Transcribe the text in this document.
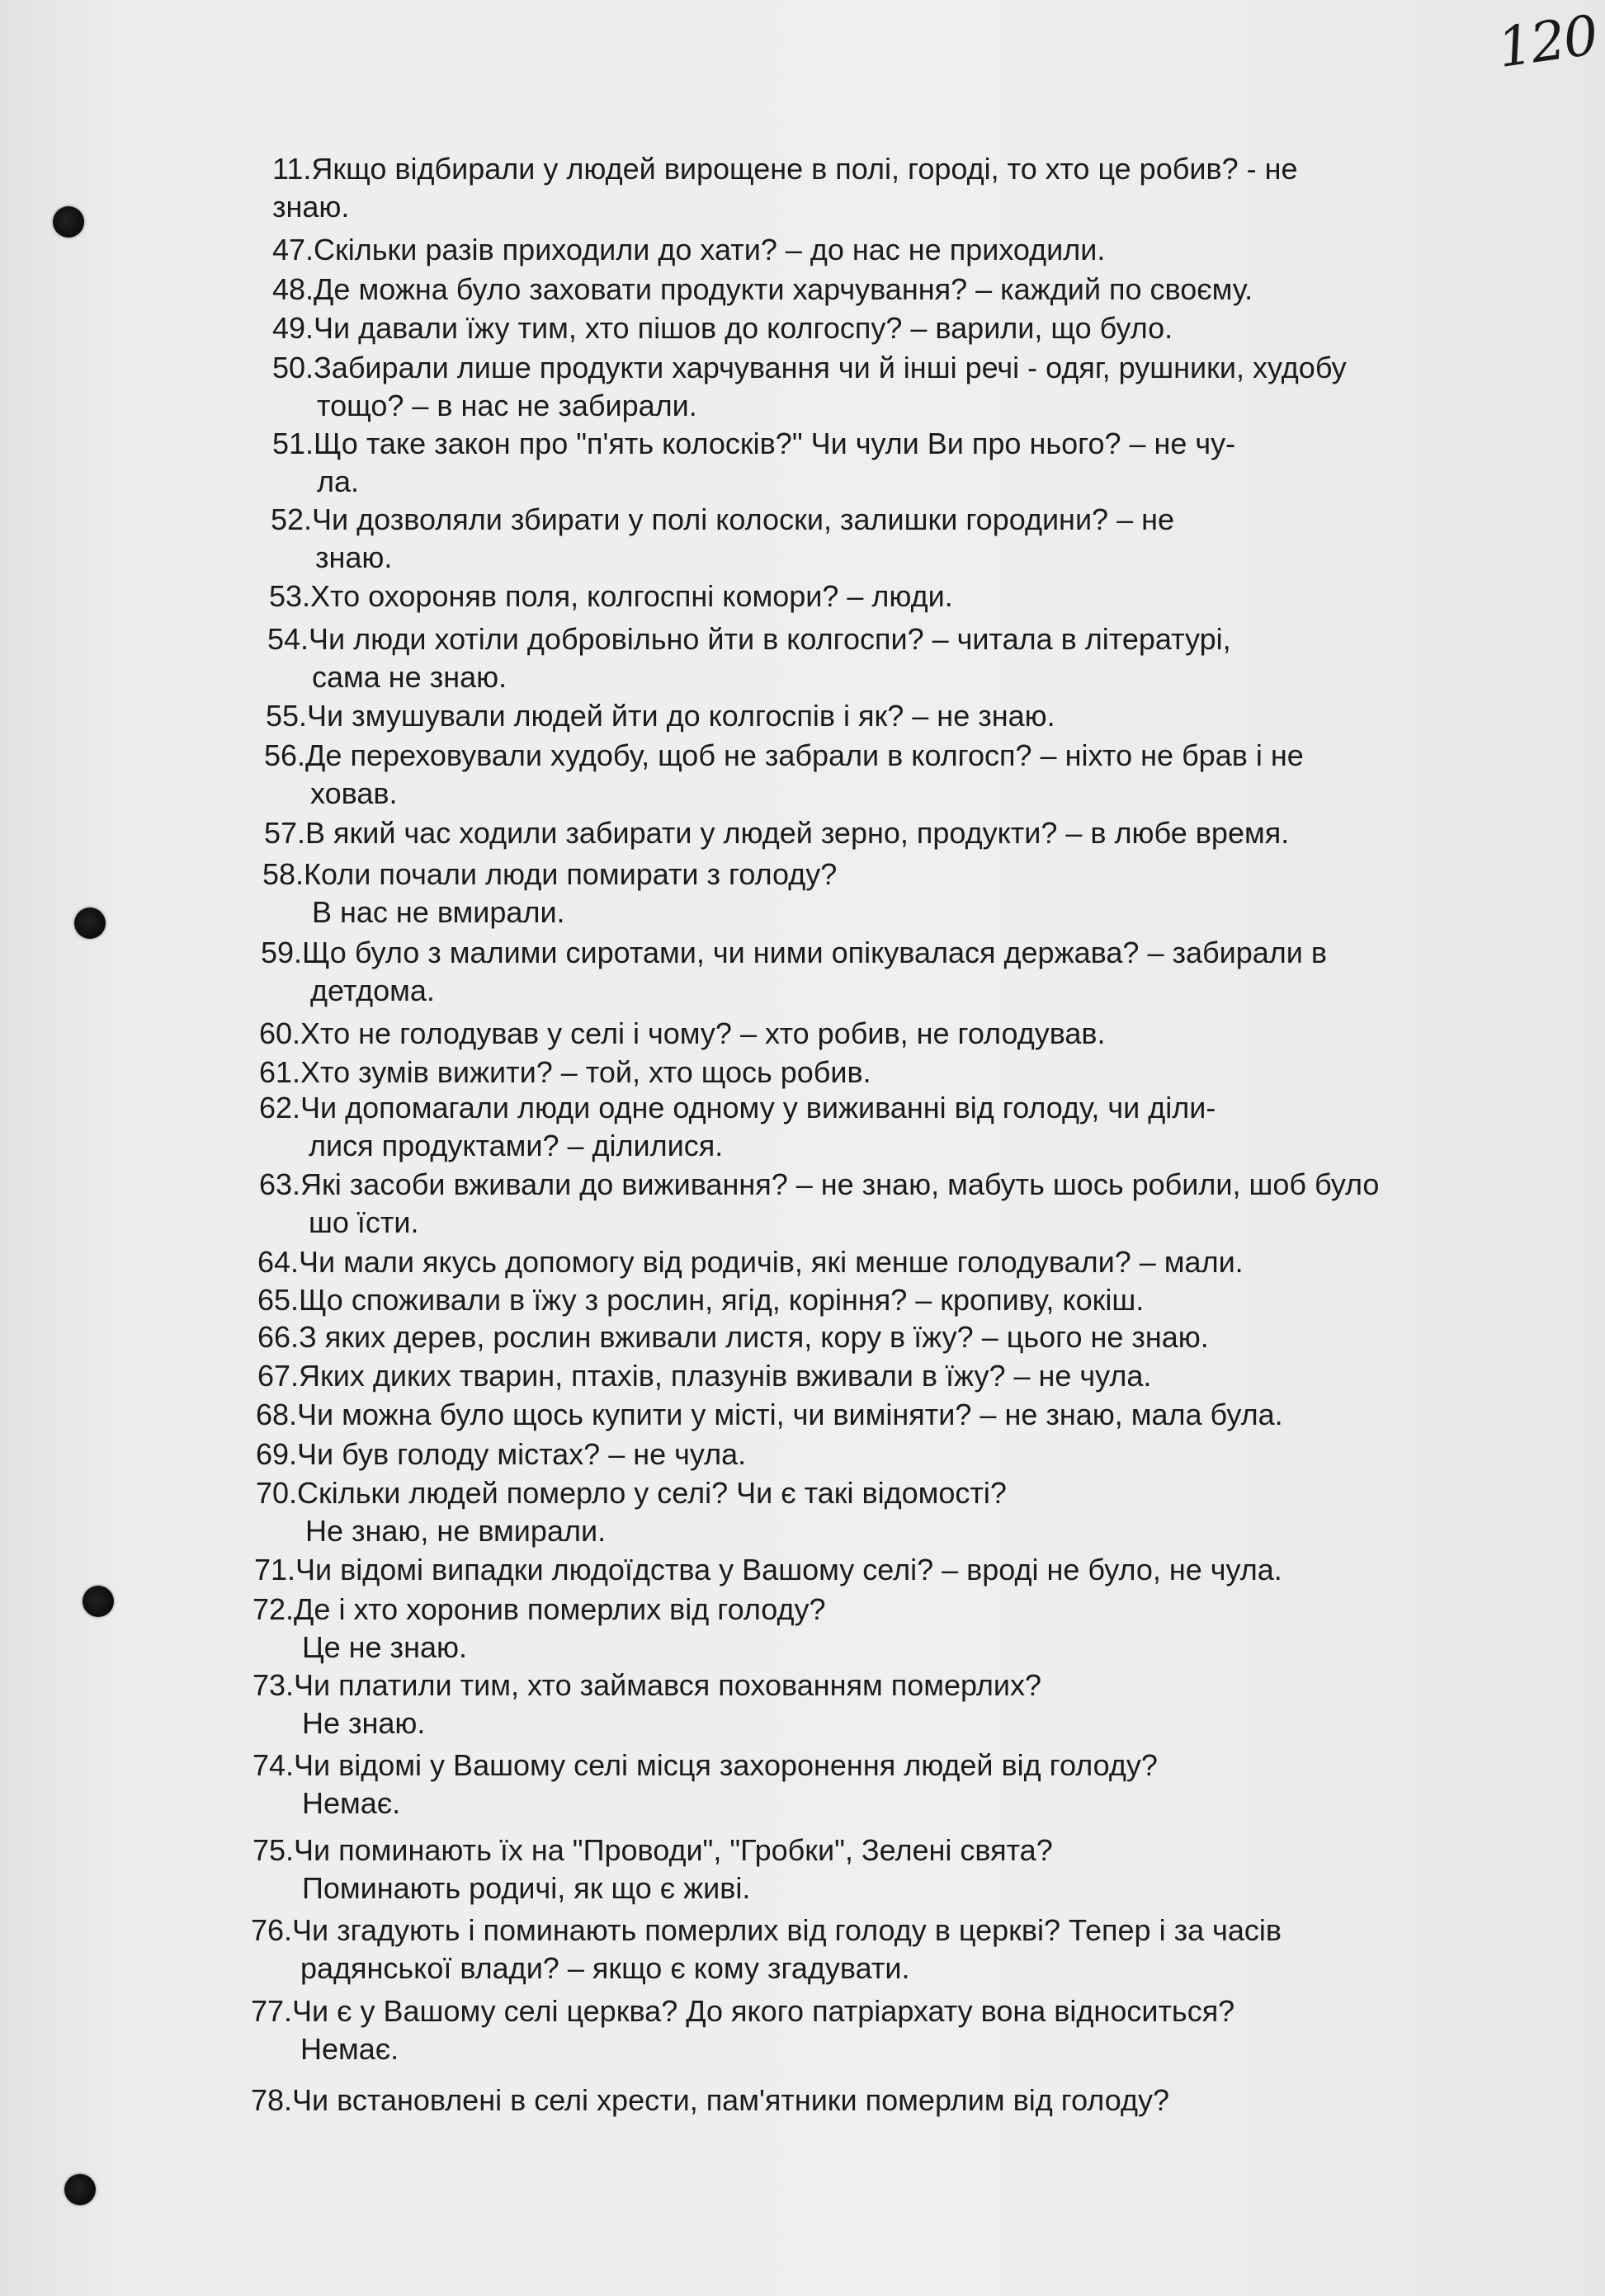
120
11.Якщо відбирали у людей вирощене в полі, городі, то хто це робив? - не
знаю.
47.Скільки разів приходили до хати? – до нас не приходили.
48.Де можна було заховати продукти харчування? – каждий по своєму.
49.Чи давали їжу тим, хто пішов до колгоспу? – варили, що було.
50.Забирали лише продукти харчування чи й інші речі - одяг, рушники, худобу
тощо? – в нас не забирали.
51.Що таке закон про "п'ять колосків?" Чи чули Ви про нього? – не чу-
ла.
52.Чи дозволяли збирати у полі колоски, залишки городини? – не
знаю.
53.Хто охороняв поля, колгоспні комори? – люди.
54.Чи люди хотіли добровільно йти в колгоспи? – читала в літературі,
сама не знаю.
55.Чи змушували людей йти до колгоспів і як? – не знаю.
56.Де переховували худобу, щоб не забрали в колгосп? – ніхто не брав і не
ховав.
57.В який час ходили забирати у людей зерно, продукти? – в любе время.
58.Коли почали люди помирати з голоду?
В нас не вмирали.
59.Що було з малими сиротами, чи ними опікувалася держава? – забирали в
детдома.
60.Хто не голодував у селі і чому? – хто робив, не голодував.
61.Хто зумів вижити? – той, хто щось робив.
62.Чи допомагали люди одне одному у виживанні від голоду, чи діли-
лися продуктами? – ділилися.
63.Які засоби вживали до виживання? – не знаю, мабуть шось робили, шоб було
шо їсти.
64.Чи мали якусь допомогу від родичів, які менше голодували? – мали.
65.Що споживали в їжу з рослин, ягід, коріння? – кропиву, кокіш.
66.З яких дерев, рослин вживали листя, кору в їжу? – цього не знаю.
67.Яких диких тварин, птахів, плазунів вживали в їжу? – не чула.
68.Чи можна було щось купити у місті, чи виміняти? – не знаю, мала була.
69.Чи був голоду містах? – не чула.
70.Скільки людей померло у селі? Чи є такі відомості?
Не знаю, не вмирали.
71.Чи відомі випадки людоїдства у Вашому селі? – вроді не було, не чула.
72.Де і хто хоронив померлих від голоду?
Це не знаю.
73.Чи платили тим, хто займався похованням померлих?
Не знаю.
74.Чи відомі у Вашому селі місця захоронення людей від голоду?
Немає.
75.Чи поминають їх на "Проводи", "Гробки", Зелені свята?
Поминають родичі, як що є живі.
76.Чи згадують і поминають померлих від голоду в церкві? Тепер і за часів
радянської влади? – якщо є кому згадувати.
77.Чи є у Вашому селі церква? До якого патріархату вона відноситься?
Немає.
78.Чи встановлені в селі хрести, пам'ятники померлим від голоду?
